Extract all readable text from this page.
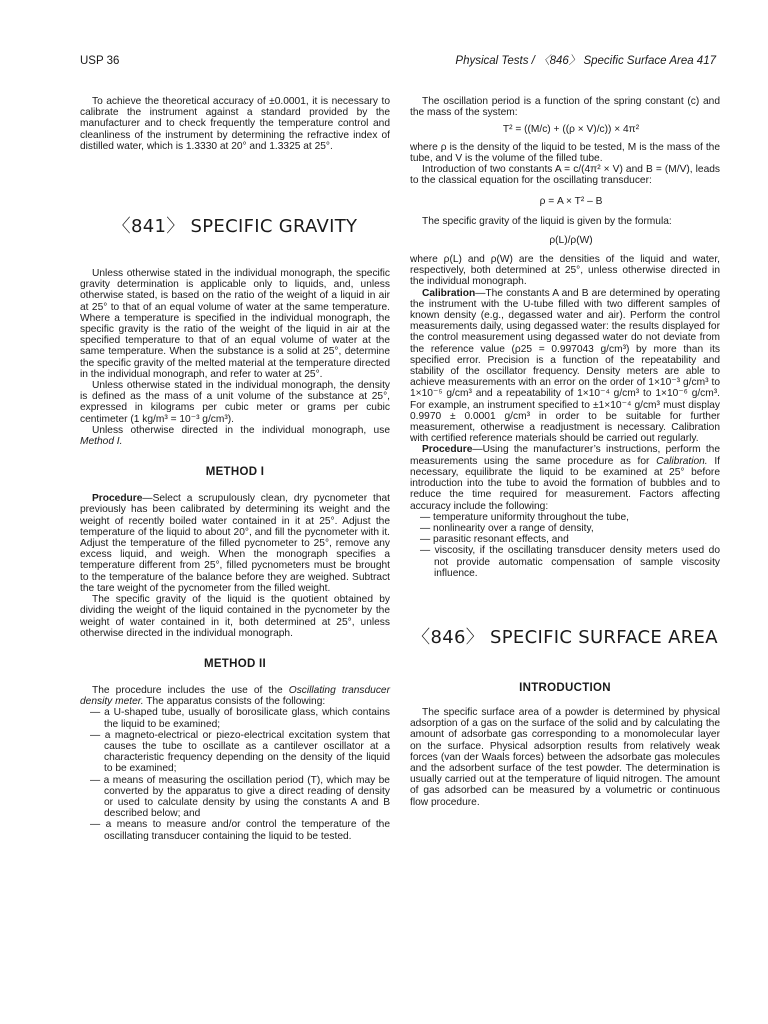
USP 36	Physical Tests / 〈846〉 Specific Surface Area 417

To achieve the theoretical accuracy of ±0.0001, it is necessary to calibrate the instrument against a standard provided by the manufacturer and to check frequently the temperature control and cleanliness of the instrument by determining the refractive index of distilled water, which is 1.3330 at 20° and 1.3325 at 25°.

〈841〉 SPECIFIC GRAVITY

Unless otherwise stated in the individual monograph, the specific gravity determination is applicable only to liquids, and, unless otherwise stated, is based on the ratio of the weight of a liquid in air at 25° to that of an equal volume of water at the same temperature. Where a temperature is specified in the individual monograph, the specific gravity is the ratio of the weight of the liquid in air at the specified temperature to that of an equal volume of water at the same temperature. When the substance is a solid at 25°, determine the specific gravity of the melted material at the temperature directed in the individual monograph, and refer to water at 25°.

Unless otherwise stated in the individual monograph, the density is defined as the mass of a unit volume of the substance at 25°, expressed in kilograms per cubic meter or grams per cubic centimeter (1 kg/m³ = 10⁻³ g/cm³).

Unless otherwise directed in the individual monograph, use Method I.

METHOD I

Procedure—Select a scrupulously clean, dry pycnometer that previously has been calibrated by determining its weight and the weight of recently boiled water contained in it at 25°. Adjust the temperature of the liquid to about 20°, and fill the pycnometer with it. Adjust the temperature of the filled pycnometer to 25°, remove any excess liquid, and weigh. When the monograph specifies a temperature different from 25°, filled pycnometers must be brought to the temperature of the balance before they are weighed. Subtract the tare weight of the pycnometer from the filled weight.

The specific gravity of the liquid is the quotient obtained by dividing the weight of the liquid contained in the pycnometer by the weight of water contained in it, both determined at 25°, unless otherwise directed in the individual monograph.

METHOD II

The procedure includes the use of the Oscillating transducer density meter. The apparatus consists of the following:

— a U-shaped tube, usually of borosilicate glass, which contains the liquid to be examined;
— a magneto-electrical or piezo-electrical excitation system that causes the tube to oscillate as a cantilever oscillator at a characteristic frequency depending on the density of the liquid to be examined;
— a means of measuring the oscillation period (T), which may be converted by the apparatus to give a direct reading of density or used to calculate density by using the constants A and B described below; and
— a means to measure and/or control the temperature of the oscillating transducer containing the liquid to be tested.

The oscillation period is a function of the spring constant (c) and the mass of the system:

T² = ((M/c) + ((ρ × V)/c)) × 4π²

where ρ is the density of the liquid to be tested, M is the mass of the tube, and V is the volume of the filled tube.

Introduction of two constants A = c/(4π² × V) and B = (M/V), leads to the classical equation for the oscillating transducer:

ρ = A × T² – B

The specific gravity of the liquid is given by the formula:

ρ(L)/ρ(W)

where ρ(L) and ρ(W) are the densities of the liquid and water, respectively, both determined at 25°, unless otherwise directed in the individual monograph.

Calibration—The constants A and B are determined by operating the instrument with the U-tube filled with two different samples of known density (e.g., degassed water and air). Perform the control measurements daily, using degassed water: the results displayed for the control measurement using degassed water do not deviate from the reference value (ρ25 = 0.997043 g/cm³) by more than its specified error. Precision is a function of the repeatability and stability of the oscillator frequency. Density meters are able to achieve measurements with an error on the order of 1×10⁻³ g/cm³ to 1×10⁻⁵ g/cm³ and a repeatability of 1×10⁻⁴ g/cm³ to 1×10⁻⁶ g/cm³. For example, an instrument specified to ±1×10⁻⁴ g/cm³ must display 0.9970 ± 0.0001 g/cm³ in order to be suitable for further measurement, otherwise a readjustment is necessary. Calibration with certified reference materials should be carried out regularly.

Procedure—Using the manufacturer’s instructions, perform the measurements using the same procedure as for Calibration. If necessary, equilibrate the liquid to be examined at 25° before introduction into the tube to avoid the formation of bubbles and to reduce the time required for measurement. Factors affecting accuracy include the following:

— temperature uniformity throughout the tube,
— nonlinearity over a range of density,
— parasitic resonant effects, and
— viscosity, if the oscillating transducer density meters used do not provide automatic compensation of sample viscosity influence.
〈846〉 SPECIFIC SURFACE AREA
INTRODUCTION

The specific surface area of a powder is determined by physical adsorption of a gas on the surface of the solid and by calculating the amount of adsorbate gas corresponding to a monomolecular layer on the surface. Physical adsorption results from relatively weak forces (van der Waals forces) between the adsorbate gas molecules and the adsorbent surface of the test powder. The determination is usually carried out at the temperature of liquid nitrogen. The amount of gas adsorbed can be measured by a volumetric or continuous flow procedure.
